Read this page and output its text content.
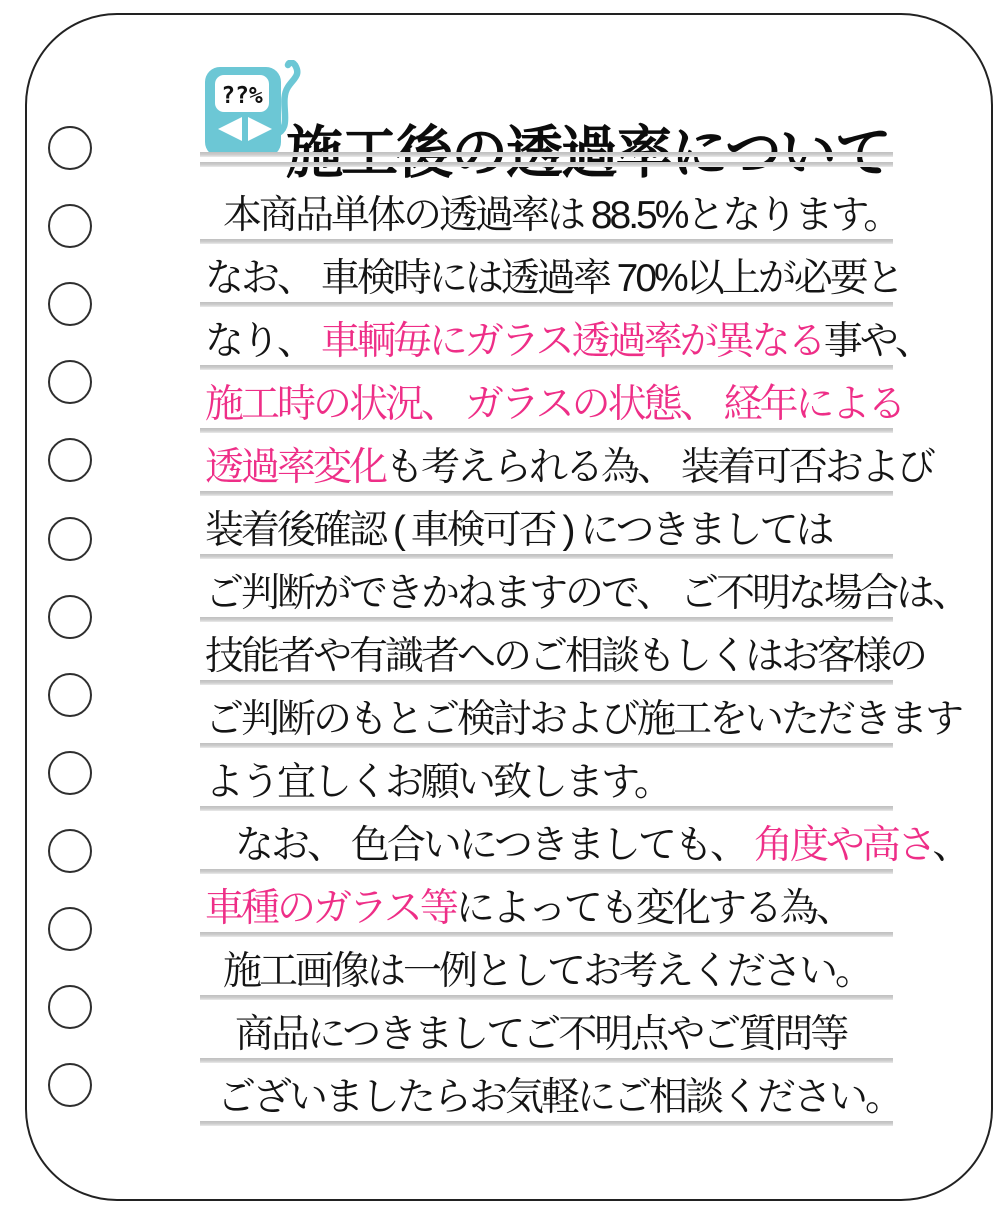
??%
本商品単体の透過率は 88.5%となります。
なお、 車検時には透過率 70%以上が必要と
なり、 車輌毎にガラス透過率が異なる事や、
施工時の状況、 ガラスの状態、 経年による
透過率変化も考えられる為、 装着可否および
装着後確認 ( 車検可否 ) につきましては
ご判断ができかねますので、 ご不明な場合は、
技能者や有識者へのご相談もしくはお客様の
ご判断のもとご検討および施工をいただきます
よう宜しくお願い致します。
なお、 色合いにつきましても、 角度や高さ、
車種のガラス等によっても変化する為、
施工画像は一例としてお考えください。
商品につきましてご不明点やご質問等
ございましたらお気軽にご相談ください。
